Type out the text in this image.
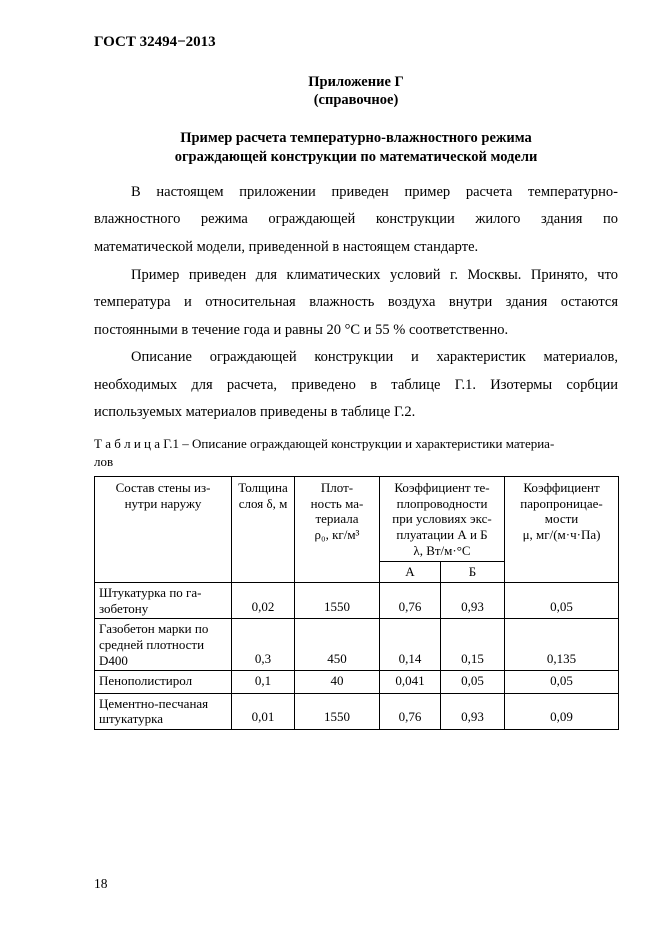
ГОСТ 32494−2013
Приложение Г
(справочное)
Пример расчета температурно-влажностного режима
ограждающей конструкции по математической модели

В настоящем приложении приведен пример расчета температурно-влажностного режима ограждающей конструкции жилого здания по математической модели, приведенной в настоящем стандарте.

Пример приведен для климатических условий г. Москвы. Принято, что температура и относительная влажность воздуха внутри здания остаются постоянными в течение года и равны 20 °С и 55 % соответственно.

Описание ограждающей конструкции и характеристик материалов, необходимых для расчета, приведено в таблице Г.1. Изотермы сорбции используемых материалов приведены в таблице Г.2.

Т а б л и ц а Г.1 – Описание ограждающей конструкции и характеристики материа-
лов
Состав стены из-
нутри наружу	Толщина
слоя δ, м	Плот-
ность ма-
териала
ρ₀, кг/м³	Коэффициент те-
плопроводности
при условиях экс-
плуатации А и Б
λ, Вт/м·°С		Коэффициент
паропроницае-
мости
μ, мг/(м·ч·Па)
			А	Б	
Штукатурка по га-
зобетону	0,02	1550	0,76	0,93	0,05
Газобетон марки по
средней плотности
D400	0,3	450	0,14	0,15	0,135
Пенополистирол	0,1	40	0,041	0,05	0,05
Цементно-песчаная
штукатурка	0,01	1550	0,76	0,93	0,09
18
